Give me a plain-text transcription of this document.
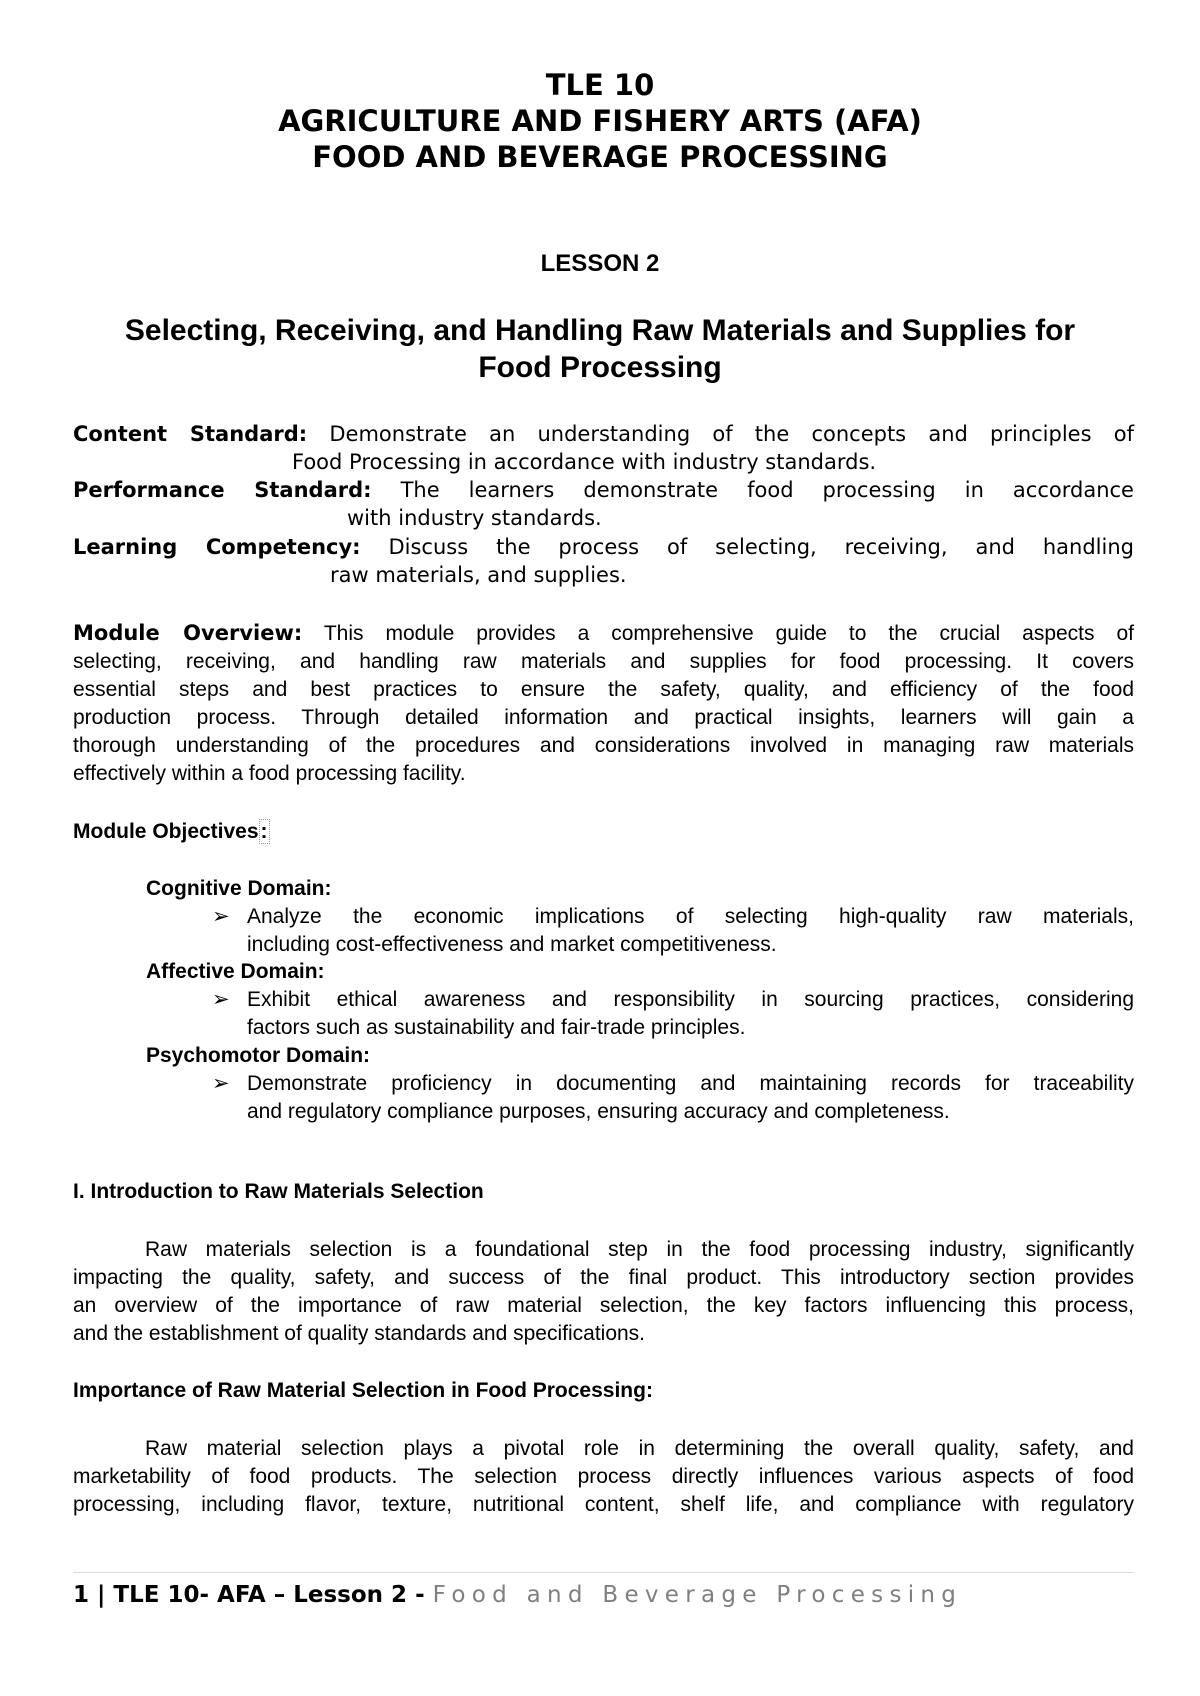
TLE 10
AGRICULTURE AND FISHERY ARTS (AFA)
FOOD AND BEVERAGE PROCESSING
LESSON 2
Selecting, Receiving, and Handling Raw Materials and Supplies for
Food Processing
Content Standard: Demonstrate an understanding of the concepts and principles of
Food Processing in accordance with industry standards.
Performance Standard: The learners demonstrate food processing in accordance
with industry standards.
Learning Competency: Discuss the process of selecting, receiving, and handling
raw materials, and supplies.
Module Overview: This module provides a comprehensive guide to the crucial aspects of
selecting, receiving, and handling raw materials and supplies for food processing. It covers
essential steps and best practices to ensure the safety, quality, and efficiency of the food
production process. Through detailed information and practical insights, learners will gain a
thorough understanding of the procedures and considerations involved in managing raw materials
effectively within a food processing facility.
Module Objectives:
Cognitive Domain:
➢ Analyze the economic implications of selecting high-quality raw materials,
including cost-effectiveness and market competitiveness.
Affective Domain:
➢ Exhibit ethical awareness and responsibility in sourcing practices, considering
factors such as sustainability and fair-trade principles.
Psychomotor Domain:
➢ Demonstrate proficiency in documenting and maintaining records for traceability
and regulatory compliance purposes, ensuring accuracy and completeness.
I. Introduction to Raw Materials Selection
Raw materials selection is a foundational step in the food processing industry, significantly
impacting the quality, safety, and success of the final product. This introductory section provides
an overview of the importance of raw material selection, the key factors influencing this process,
and the establishment of quality standards and specifications.
Importance of Raw Material Selection in Food Processing:
Raw material selection plays a pivotal role in determining the overall quality, safety, and
marketability of food products. The selection process directly influences various aspects of food
processing, including flavor, texture, nutritional content, shelf life, and compliance with regulatory
1 | TLE 10- AFA – Lesson 2 - Food and Beverage Processing
